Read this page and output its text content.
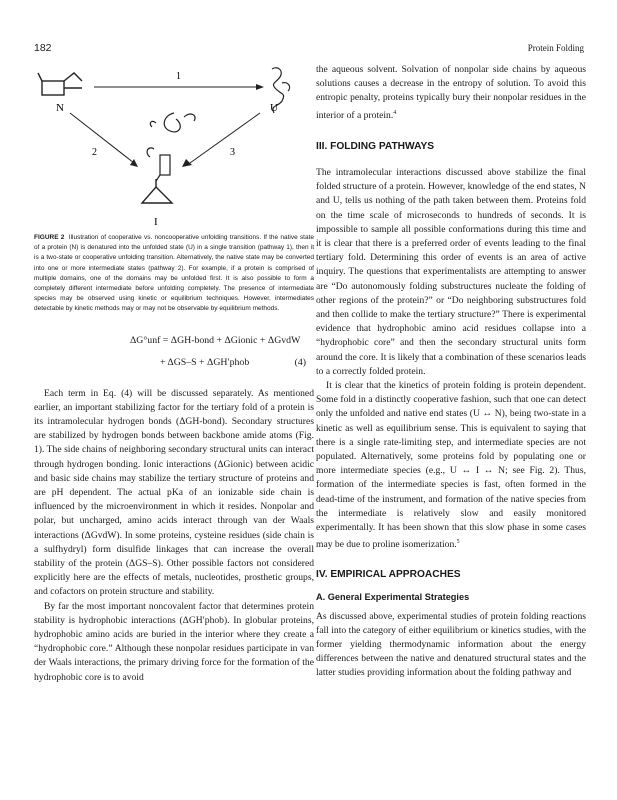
182	Protein Folding
N
1
U
2	3
I

FIGURE 2 Illustration of cooperative vs. noncooperative unfolding transitions. If the native state of a protein (N) is denatured into the unfolded state (U) in a single transition (pathway 1), then it is a two-state or cooperative unfolding transition. Alternatively, the native state may be converted into one or more intermediate states (pathway 2). For example, if a protein is comprised of multiple domains, one of the domains may be unfolded first. It is also possible to form a completely different intermediate before unfolding completely. The presence of intermediate species may be observed using kinetic or equilibrium techniques. However, intermediates detectable by kinetic methods may or may not be observable by equilibrium methods.

ΔG°unf = ΔGH-bond + ΔGionic + ΔGvdW
+ ΔGS–S + ΔGH′phob	(4)

Each term in Eq. (4) will be discussed separately. As mentioned earlier, an important stabilizing factor for the tertiary fold of a protein is its intramolecular hydrogen bonds (ΔGH-bond). Secondary structures are stabilized by hydrogen bonds between backbone amide atoms (Fig. 1). The side chains of neighboring secondary structural units can interact through hydrogen bonding. Ionic interactions (ΔGionic) between acidic and basic side chains may stabilize the tertiary structure of proteins and are pH dependent. The actual pKa of an ionizable side chain is influenced by the microenvironment in which it resides. Nonpolar and polar, but uncharged, amino acids interact through van der Waals interactions (ΔGvdW). In some proteins, cysteine residues (side chain is a sulfhydryl) form disulfide linkages that can increase the overall stability of the protein (ΔGS–S). Other possible factors not considered explicitly here are the effects of metals, nucleotides, prosthetic groups, and cofactors on protein structure and stability.

By far the most important noncovalent factor that determines protein stability is hydrophobic interactions (ΔGH′phob). In globular proteins, hydrophobic amino acids are buried in the interior where they create a “hydrophobic core.” Although these nonpolar residues participate in van der Waals interactions, the primary driving force for the formation of the hydrophobic core is to avoid

the aqueous solvent. Solvation of nonpolar side chains by aqueous solutions causes a decrease in the entropy of solution. To avoid this entropic penalty, proteins typically bury their nonpolar residues in the interior of a protein.$^4$

III. FOLDING PATHWAYS

The intramolecular interactions discussed above stabilize the final folded structure of a protein. However, knowledge of the end states, N and U, tells us nothing of the path taken between them. Proteins fold on the time scale of microseconds to hundreds of seconds. It is impossible to sample all possible conformations during this time and it is clear that there is a preferred order of events leading to the final tertiary fold. Determining this order of events is an area of active inquiry. The questions that experimentalists are attempting to answer are “Do autonomously folding substructures nucleate the folding of other regions of the protein?” or “Do neighboring substructures fold and then collide to make the tertiary structure?” There is experimental evidence that hydrophobic amino acid residues collapse into a “hydrophobic core” and then the secondary structural units form around the core. It is likely that a combination of these scenarios leads to a correctly folded protein.

It is clear that the kinetics of protein folding is protein dependent. Some fold in a distinctly cooperative fashion, such that one can detect only the unfolded and native end states (U ↔ N), being two-state in a kinetic as well as equilibrium sense. This is equivalent to saying that there is a single rate-limiting step, and intermediate species are not populated. Alternatively, some proteins fold by populating one or more intermediate species (e.g., U ↔ I ↔ N; see Fig. 2). Thus, formation of the intermediate species is fast, often formed in the dead-time of the instrument, and formation of the native species from the intermediate is relatively slow and easily monitored experimentally. It has been shown that this slow phase in some cases may be due to proline isomerization.$^5$

IV. EMPIRICAL APPROACHES

A. General Experimental Strategies

As discussed above, experimental studies of protein folding reactions fall into the category of either equilibrium or kinetics studies, with the former yielding thermodynamic information about the energy differences between the native and denatured structural states and the latter studies providing information about the folding pathway and
